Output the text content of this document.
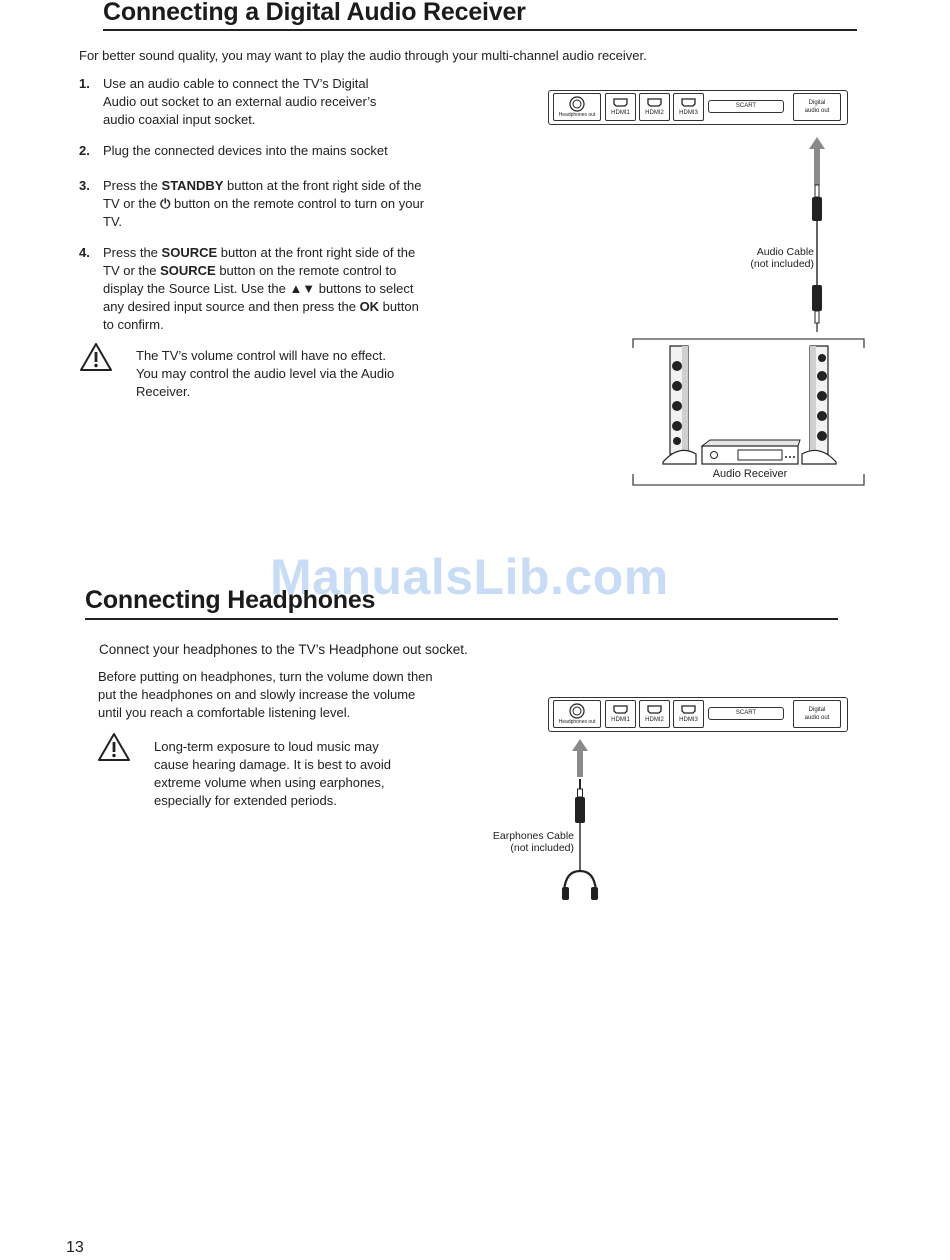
Connecting a Digital Audio Receiver

For better sound quality, you may want to play the audio through your multi-channel audio receiver.

1.	Use an audio cable to connect the TV’s Digital Audio out socket to an external audio receiver’s audio coaxial input socket.
2.	Plug the connected devices into the mains socket
3.	Press the STANDBY button at the front right side of the TV or the ⏻ button on the remote control to turn on your TV.
4.	Press the SOURCE button at the front right side of the TV or the SOURCE button on the remote control to display the Source List. Use the ▲▼ buttons to select any desired input source and then press the OK button to confirm.

The TV’s volume control will have no effect. You may control the audio level via the Audio Receiver.

Headphones out	HDMI1	HDMI2	HDMI3
SCART	Digital
audio out
Audio Cable
(not included)
Audio Receiver
ManualsLib.com
Connecting Headphones

Connect your headphones to the TV’s Headphone out socket.

Before putting on headphones, turn the volume down then put the headphones on and slowly increase the volume until you reach a comfortable listening level.

Long-term exposure to loud music may cause hearing damage. It is best to avoid extreme volume when using earphones, especially for extended periods.

Headphones out	HDMI1	HDMI2	HDMI3
SCART	Digital
audio out
Earphones Cable
(not included)
13
